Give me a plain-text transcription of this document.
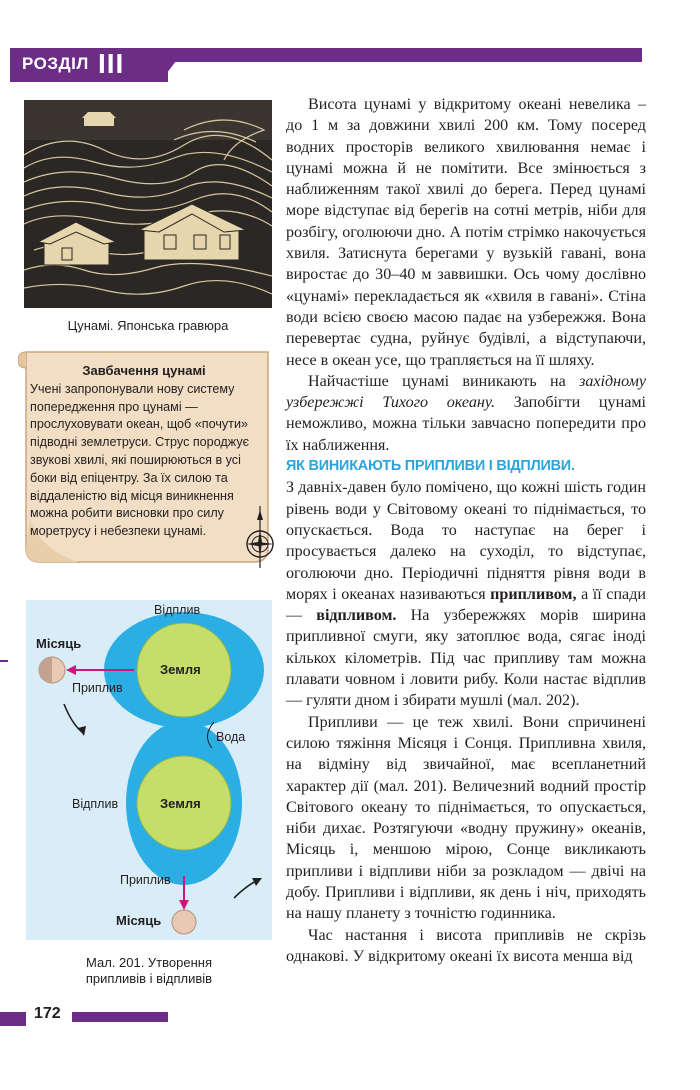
РОЗДІЛ III
Цунамі. Японська гравюра
Завбачення цунамі
Учені запропонували нову систему попередження про цунамі — прослуховувати океан, щоб «почути» підводні землетруси. Струс породжує звукові хвилі, які поширюються в усі боки від епіцентру. За їх силою та віддаленістю від місця виникнення можна робити висновки про силу моретрусу і небезпеки цунамі.
Відплив
Місяць
Земля
Приплив
Вода
Відплив	Земля
Приплив
Місяць
Мал. 201. Утворення
припливів і відпливів
172

Висота цунамі у відкритому океані невелика – до 1 м за довжини хвилі 200 км. Тому посеред водних просторів великого хвилювання немає і цунамі можна й не помітити. Все змінюється з наближенням такої хвилі до берега. Перед цунамі море відступає від берегів на сотні метрів, ніби для розбігу, оголюючи дно. А потім стрімко накочується хвиля. Затиснута берегами у вузькій гавані, вона виростає до 30–40 м заввишки. Ось чому дослівно «цунамі» перекладається як «хвиля в гавані». Стіна води всією своєю масою падає на узбережжя. Вона перевертає судна, руйнує будівлі, а відступаючи, несе в океан усе, що трапляється на її шляху.

Найчастіше цунамі виникають на західному узбережжі Тихого океану. Запобігти цунамі неможливо, можна тільки завчасно попередити про їх наближення.

ЯК ВИНИКАЮТЬ ПРИПЛИВИ І ВІДПЛИВИ.

З давніх-давен було помічено, що кожні шість годин рівень води у Світовому океані то піднімається, то опускається. Вода то наступає на берег і просувається далеко на суходіл, то відступає, оголюючи дно. Періодичні підняття рівня води в морях і океанах називаються припливом, а її спади — відпливом. На узбережжях морів ширина припливної смуги, яку затоплює вода, сягає іноді кількох кілометрів. Під час припливу там можна плавати човном і ловити рибу. Коли настає відплив — гуляти дном і збирати мушлі (мал. 202).

Припливи — це теж хвилі. Вони спричинені силою тяжіння Місяця і Сонця. Припливна хвиля, на відміну від звичайної, має всепланетний характер дії (мал. 201). Величезний водний простір Світового океану то піднімається, то опускається, ніби дихає. Розтягуючи «водну пружину» океанів, Місяць і, меншою мірою, Сонце викликають припливи і відпливи ніби за розкладом — двічі на добу. Припливи і відпливи, як день і ніч, приходять на нашу планету з точністю годинника.

Час настання і висота припливів не скрізь однакові. У відкритому океані їх висота менша від
